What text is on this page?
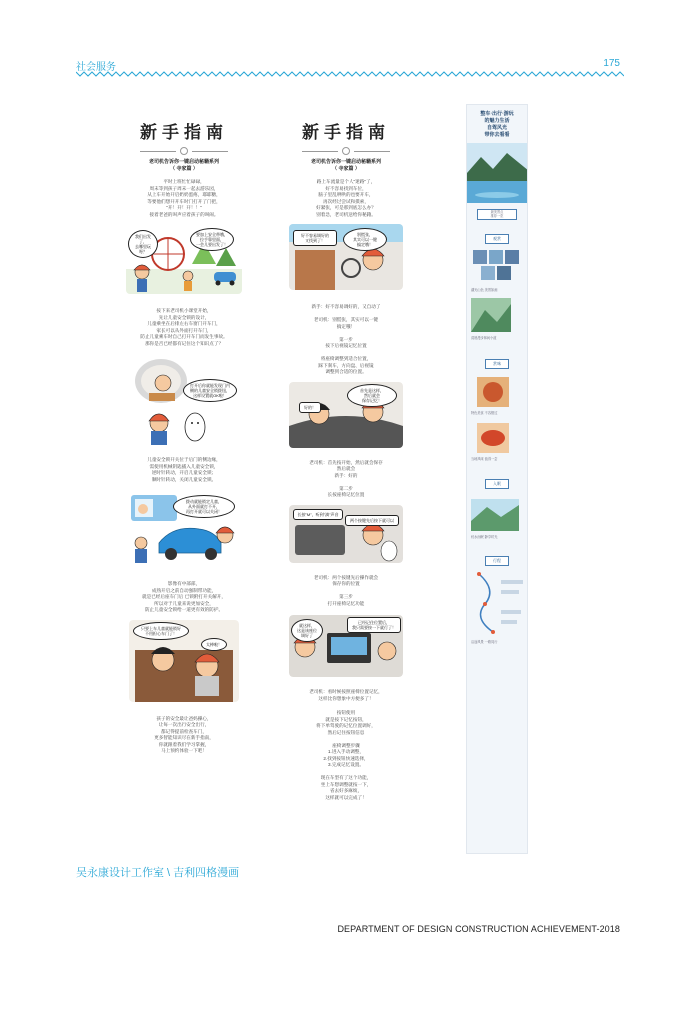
社会服务	175
新手指南
老司机告诉你一键启动秘籍系列
（ 寺家篇 ）
平时上班忙忙碌碌，
周末等到孩子周末一起去游乐园，
从上车开始开启奶奶蛋疼，耶耶糖，
等要他们想开开车时门打开了门把，
"开！开！开！！"
接着老爸的叫声应着孩子的叫闹。
我们出发了，
去哪里玩呀？
要加上安全带哦，
拉手靠里面，
一会儿要出发了！
按下来老司机小课堂开始，
先让儿童安全锁的设计，
儿童乘坐在后排左右车窗门开车门，
家长可以从外面打开车门，
防止儿童乘车时自己打开车门而发生事故。
那你是否已经都有记住这个知识点了？
打开后你就能发现门内
侧的儿童安全锁拨钮，
这样设置就OK啦！
儿童安全锁开关位于后门的侧边缘，
需使用机械钥匙插入儿童安全锁，
逆时针转动，开启儿童安全锁；
顺时针转动，关闭儿童安全锁。
拨动就能锁定儿童，
从外面就打不开，
再打开就可以关闭！
影像有中部部，
成熟开启之前自动强制带功能，
就是已经后座车门后 已锁附打开关解开，
所以对于儿童来说更加安全，
防止儿童安全锁给一道更有效的防护。
只要上车儿童就能锁好
不用担心车门了！
太棒啦！
孩子的安全最让爸妈操心，
让每一次出行安全出行，
都记得提前检查车门，
更多智能知识尽在新手指南，
你就跟着我们学习掌握，
马上预约体验一下吧！
新手指南
老司机告诉你一键启动秘籍系列
（ 寺家篇 ）
路上车流量是个人"迷路"了，
好不容易找到车位，
脑子里乱哄哄的也要开车，
再次经过尝试和摸索，
好紧张，可是那到底怎么办？
别着急，老司机送给你秘籍。
好不容易调好的
又找到了！
别慌张，
其实可以一键
搞定哦！
新手：好不容易调好的，又自动了

老司机：别慌张，其实可以一键
搞定哦！

第一步
按下后视镜记忆位置

将座椅调整到适合位置，
踩下刹车，方向盘、后视镜
调整到合适的位置。
首先是这样，
然后就会
保存记忆！
好的！
老司机：首先按开始，然后就会保存
然后就会
新手：好的

第二步
长按座椅记忆位置
长按"M"，听到"滴"声音
两个按键先后按下就可以
老司机：两个按键先后操作就会
保存你的位置

第三步
打开座椅记忆功能
已经记住位置后，
我只需要按一下就行了！
就这样，
这是该座位
调好了
老司机：看时候按照座椅位置记忆，
这样比你想象中方便多了！
按钮使用
就是按下记忆按钮，
将下单驾驶的记忆位置调好，
然后记住按钮信息

座椅调整步骤
1.进入手动调整，
2.找到按钮快速选择，
3.完成记忆设置。

现在车型有了这个功能，
坐上车想调整就按一下，
省去好多麻烦，
这样就可以完成了！
整车·出行·游玩
的魅力生活
自驾风光
带你去看看
最美景点
推荐一览
观赏
湖光山色 美景如画
清晨漫步林间小道
赏味
特色美食 不容错过
当地风味 值得一尝
入眠
枕水而眠 静享时光
行程
沿途风景 一路同行
吴永康设计工作室 \ 吉利四格漫画
DEPARTMENT OF DESIGN CONSTRUCTION ACHIEVEMENT-2018
